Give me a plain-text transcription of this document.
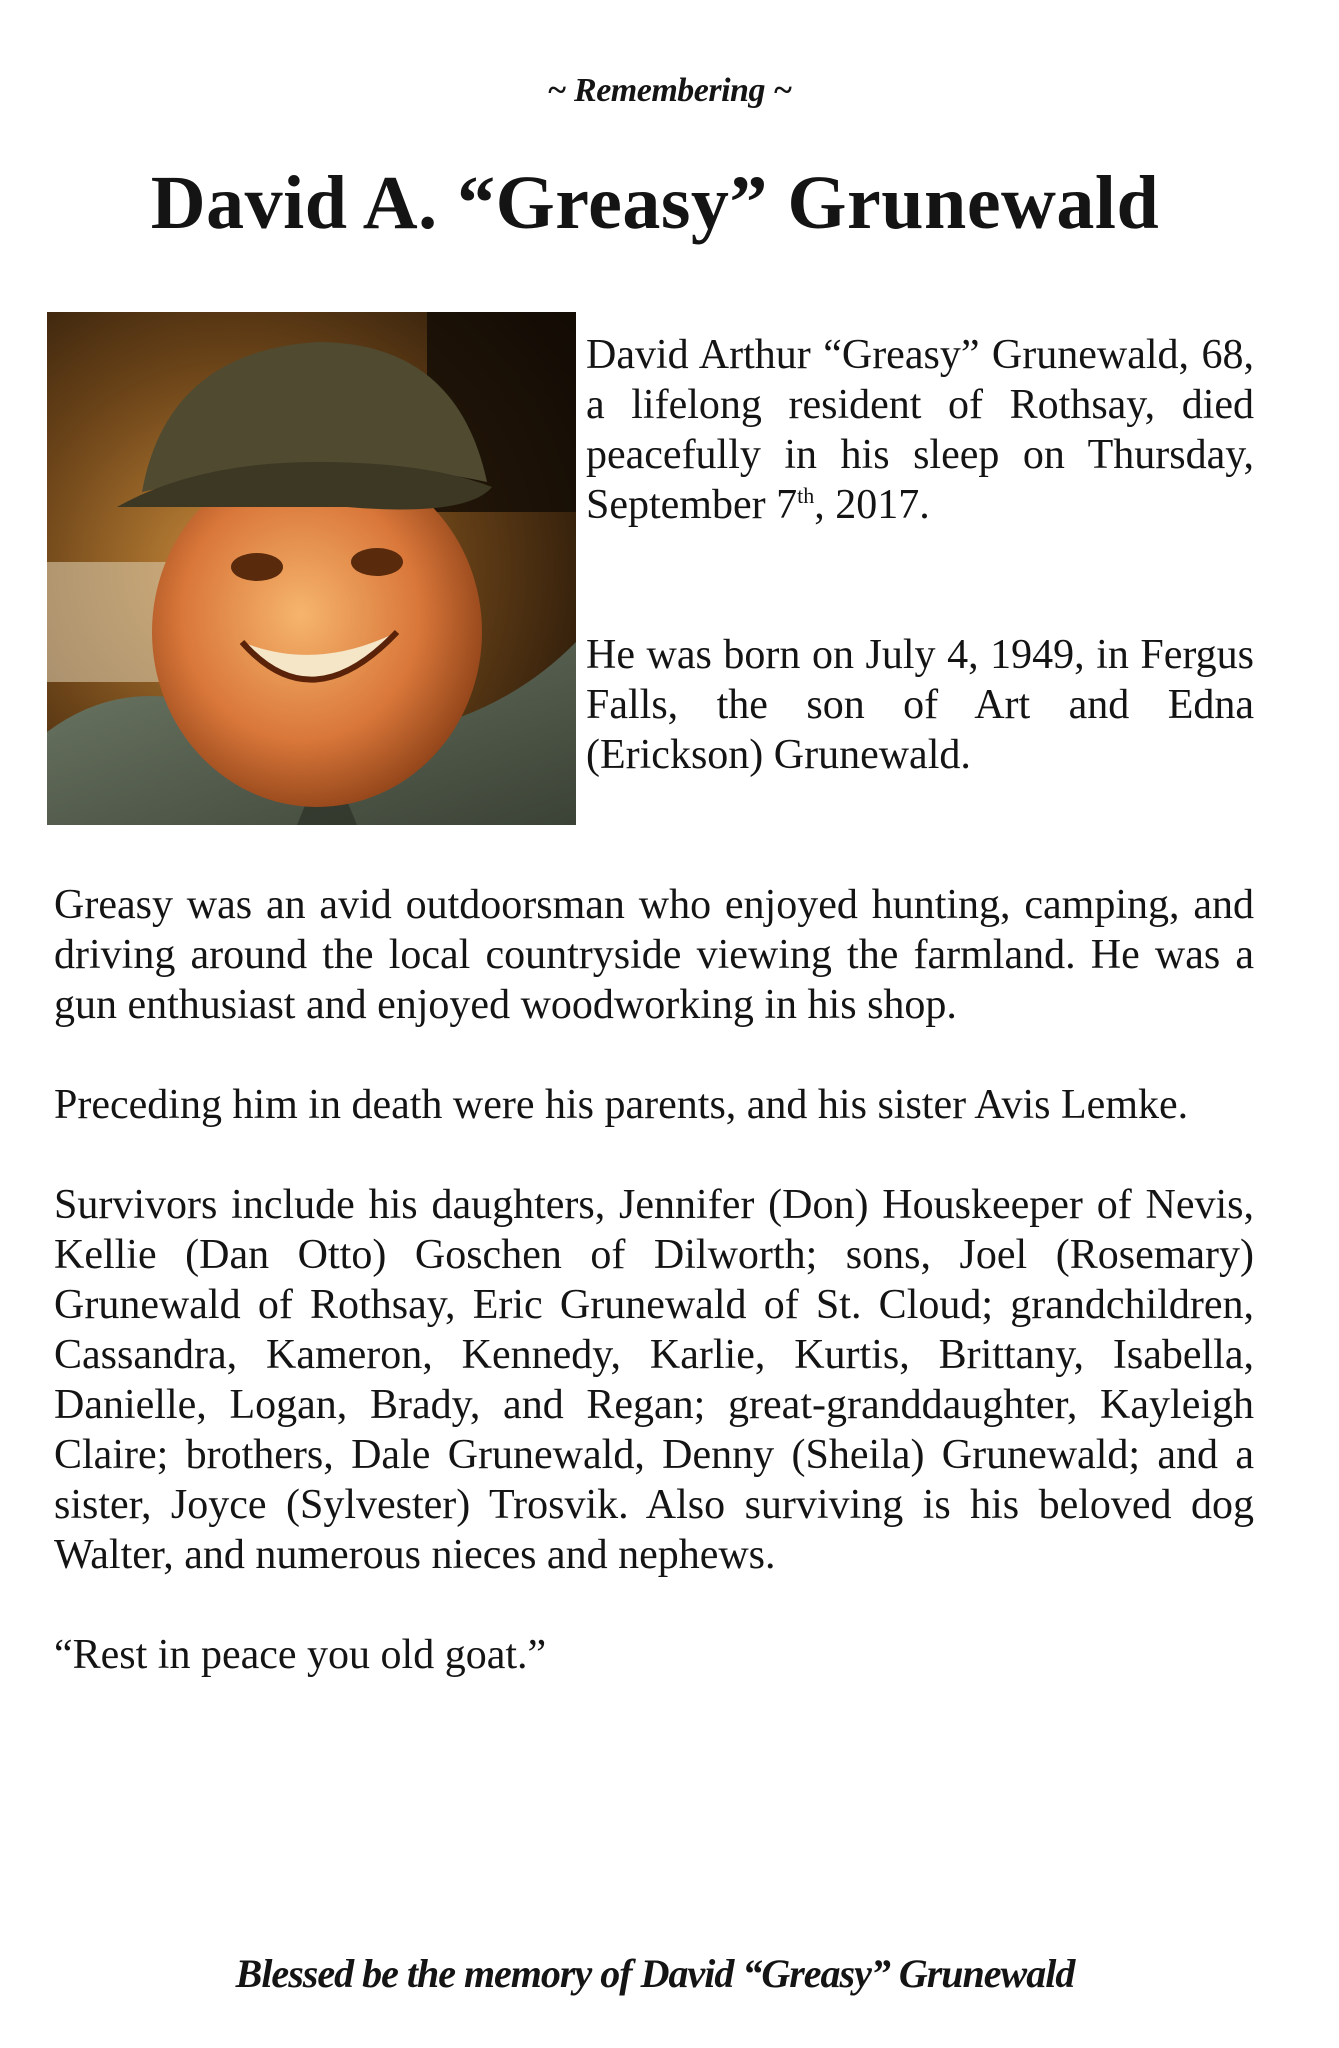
~ Remembering ~
David A. “Greasy” Grunewald

David Arthur “Greasy” Grunewald, 68, a lifelong resident of Rothsay, died peacefully in his sleep on Thursday, September 7th, 2017.

He was born on July 4, 1949, in Fergus Falls, the son of Art and Edna (Erickson) Grunewald.

Greasy was an avid outdoorsman who enjoyed hunting, camping, and driving around the local countryside viewing the farmland. He was a gun enthusiast and enjoyed woodworking in his shop.

Preceding him in death were his parents, and his sister Avis Lemke.

Survivors include his daughters, Jennifer (Don) Houskeeper of Nevis, Kellie (Dan Otto) Goschen of Dilworth; sons, Joel (Rosemary) Grunewald of Rothsay, Eric Grunewald of St. Cloud; grandchildren, Cassandra, Kameron, Kennedy, Karlie, Kurtis, Brittany, Isabella, Danielle, Logan, Brady, and Regan; great-granddaughter, Kayleigh Claire; brothers, Dale Grunewald, Denny (Sheila) Grunewald; and a sister, Joyce (Sylvester) Trosvik. Also surviving is his beloved dog Walter, and numerous nieces and nephews.

“Rest in peace you old goat.”

Blessed be the memory of David “Greasy” Grunewald
